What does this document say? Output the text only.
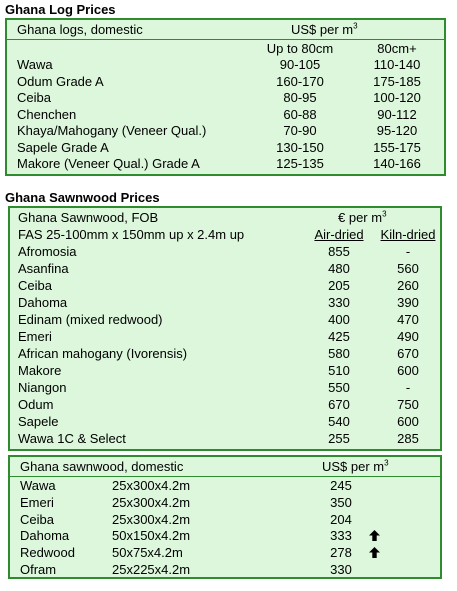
Ghana Log Prices
Ghana logs, domestic	US$ per $m^3$
Up to 80cm	80cm+
Wawa	90-105	110-140
Odum Grade A	160-170	175-185
Ceiba	80-95	100-120
Chenchen	60-88	90-112
Khaya/Mahogany (Veneer Qual.)	70-90	95-120
Sapele Grade A	130-150	155-175
Makore (Veneer Qual.) Grade A	125-135	140-166
Ghana Sawnwood Prices
Ghana Sawnwood, FOB	€ per $m^3$
FAS 25-100mm x 150mm up x 2.4m up	Air-dried	Kiln-dried
Afromosia	855	-
Asanfina	480	560
Ceiba	205	260
Dahoma	330	390
Edinam (mixed redwood)	400	470
Emeri	425	490
African mahogany (Ivorensis)	580	670
Makore	510	600
Niangon	550	-
Odum	670	750
Sapele	540	600
Wawa 1C & Select	255	285
Ghana sawnwood, domestic	US$ per $m^3$
Wawa	25x300x4.2m	245
Emeri	25x300x4.2m	350
Ceiba	25x300x4.2m	204
Dahoma	50x150x4.2m	333
Redwood	50x75x4.2m	278
Ofram	25x225x4.2m	330
